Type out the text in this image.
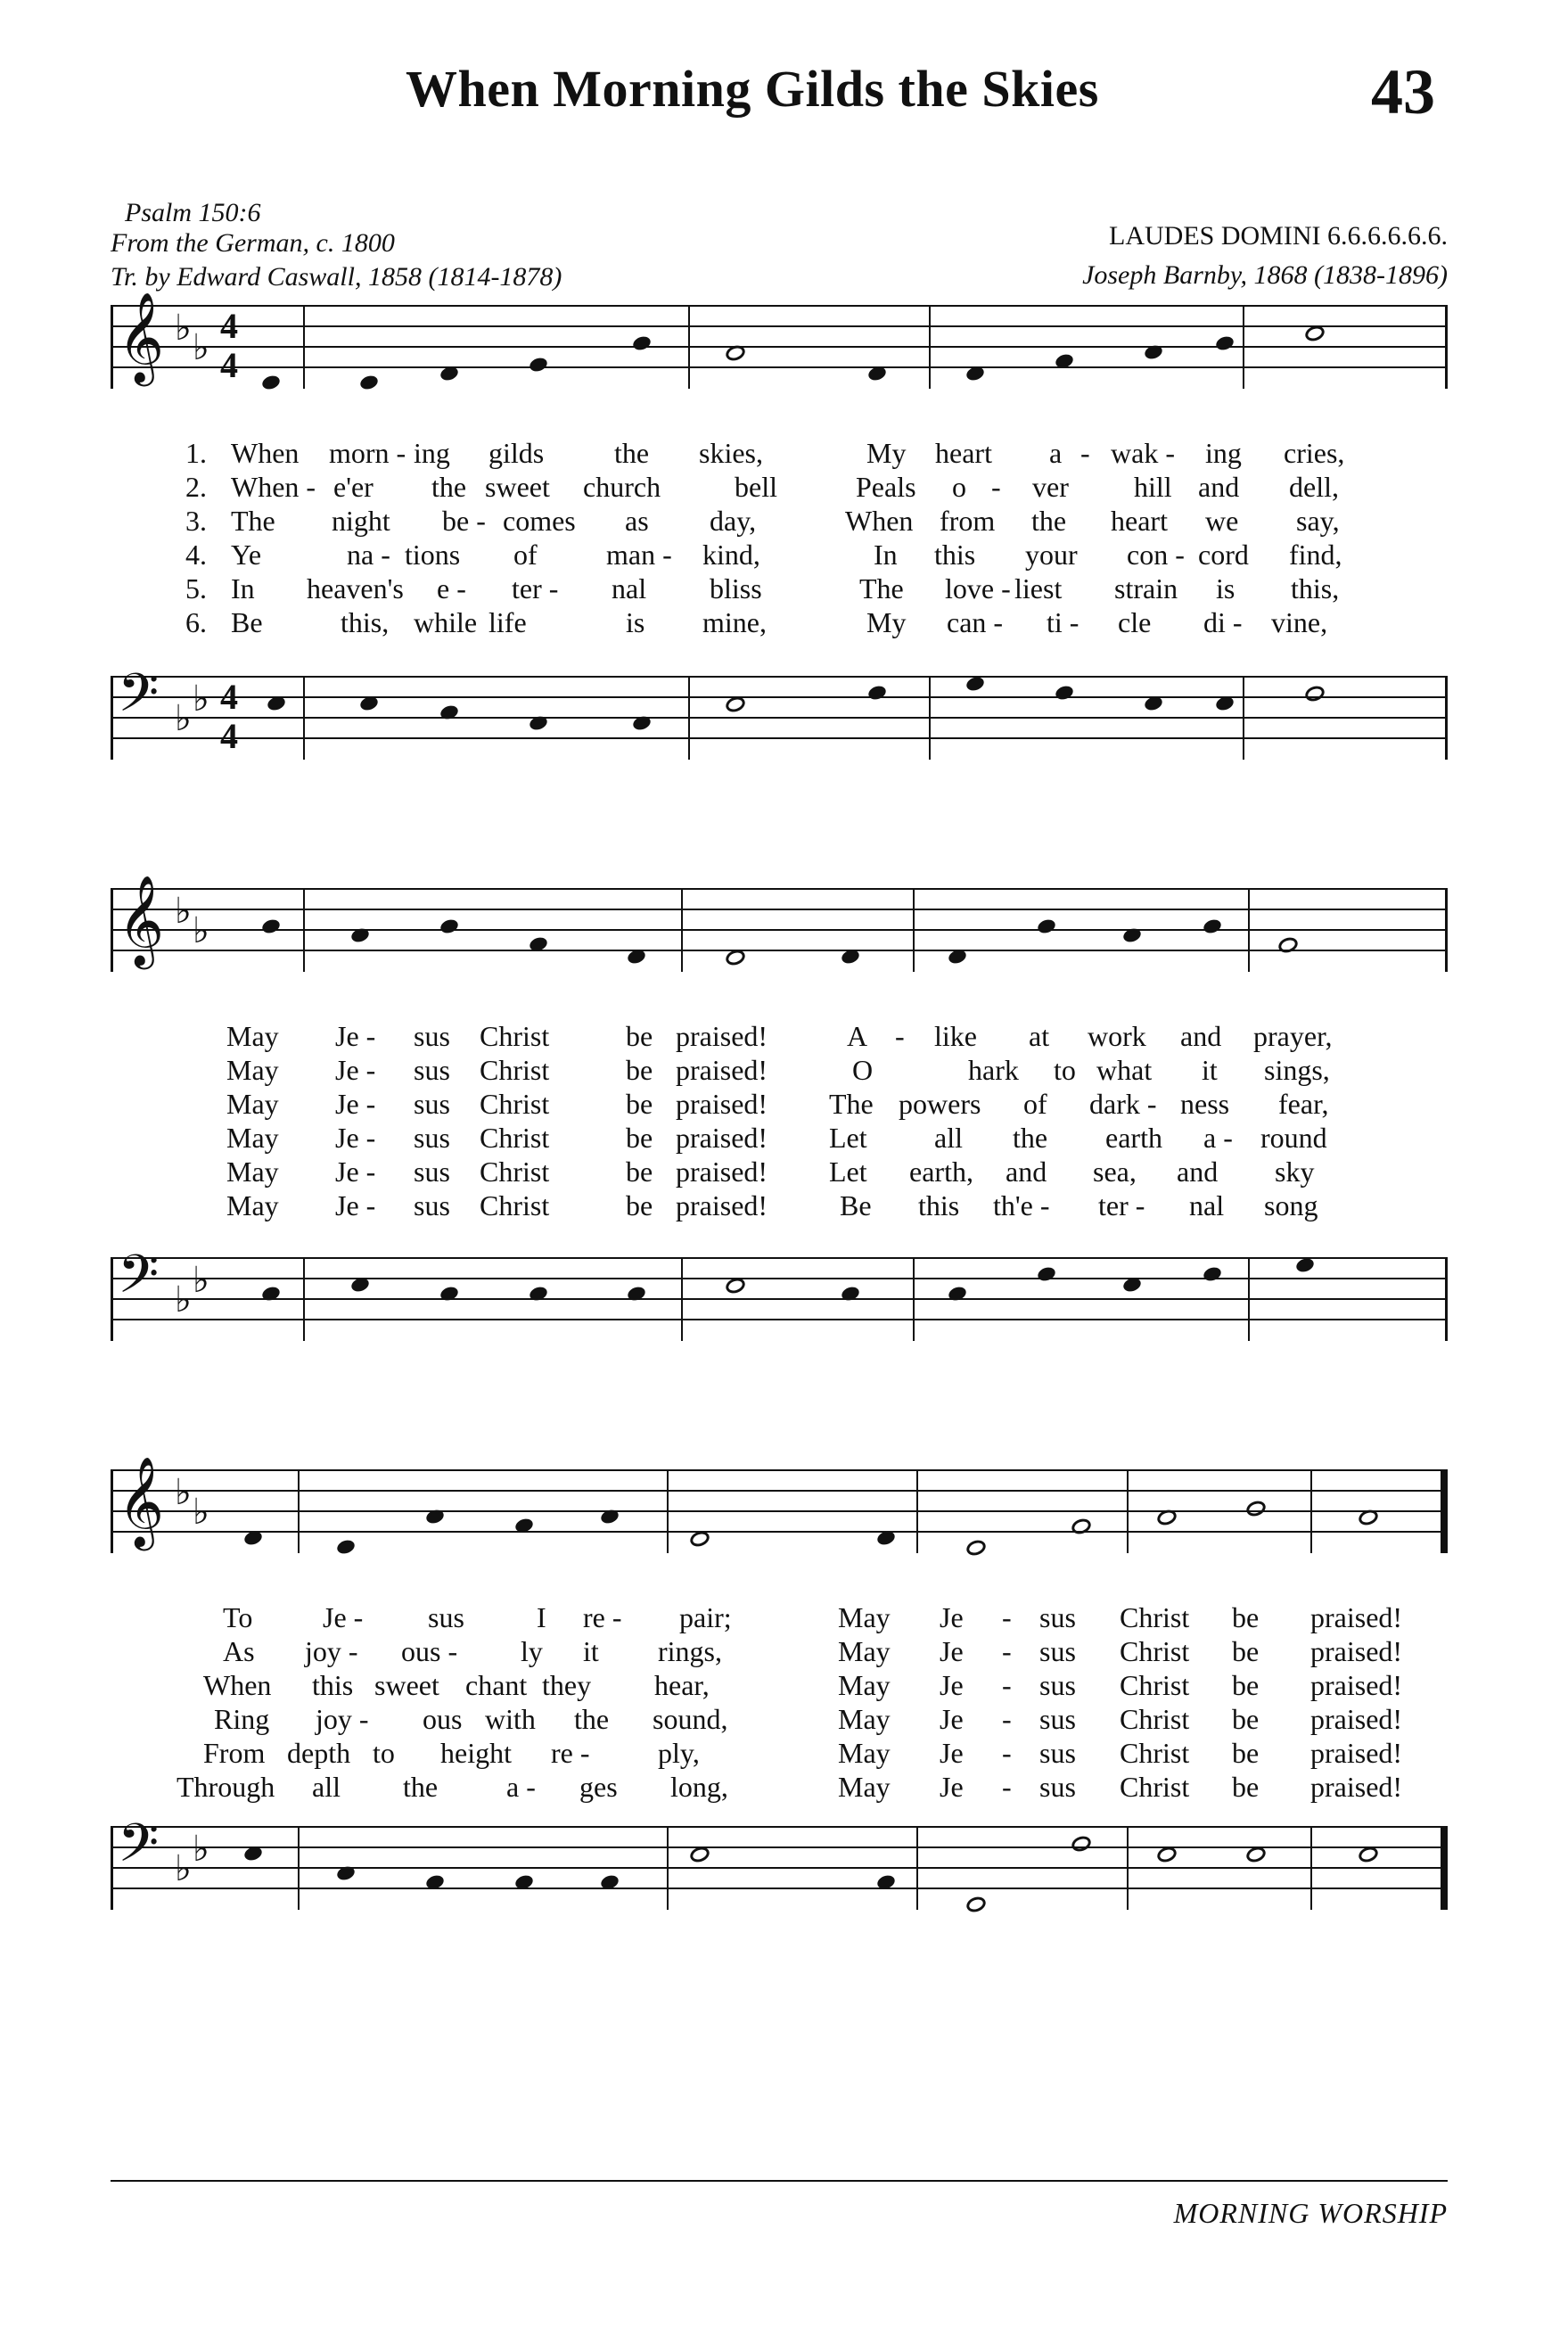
When Morning Gilds the Skies	43
Psalm 150:6
From the German, c. 1800
Tr. by Edward Caswall, 1858 (1814-1878)
LAUDES DOMINI 6.6.6.6.6.6.
Joseph Barnby, 1868 (1838-1896)
𝄞 ♭ ♭
4
4
1. When morn - ing gilds the skies,	My heart a - wak - ing cries,
2. When - e'er the sweet church	bell	Peals o - ver hill and dell,
3. The night be - comes as day,	When from the heart we say,
4. Ye	na - tions of man - kind,	In this your con - cord find,
5. In heaven's e - ter - nal bliss	The love - liest strain is this,
6. Be	this, while life	is mine,	My can - ti - cle di - vine,
𝄢 ♭ ♭ 4
4
𝄞 ♭ ♭
May Je - sus Christ	be praised!	A - like at work and prayer,
May Je - sus Christ	be praised!	O	hark to what it sings,
May Je - sus Christ	be praised! The powers of dark - ness fear,
May Je - sus Christ	be praised! Let all the earth a - round
May Je - sus Christ	be praised! Let earth, and sea, and sky
May Je - sus Christ	be praised!	Be this th'e - ter - nal song
𝄢 ♭ ♭
𝄞 ♭ ♭
To Je - sus	I re - pair;	May Je - sus Christ be praised!
As joy - ous - ly it rings,	May Je - sus Christ be praised!
When this sweet chant they hear,	May Je - sus Christ be praised!
Ring joy - ous with the sound,	May Je - sus Christ be praised!
From depth to height re - ply,	May Je - sus Christ be praised!
Through all the a - ges long,	May Je - sus Christ be praised!
𝄢 ♭ ♭
MORNING WORSHIP
